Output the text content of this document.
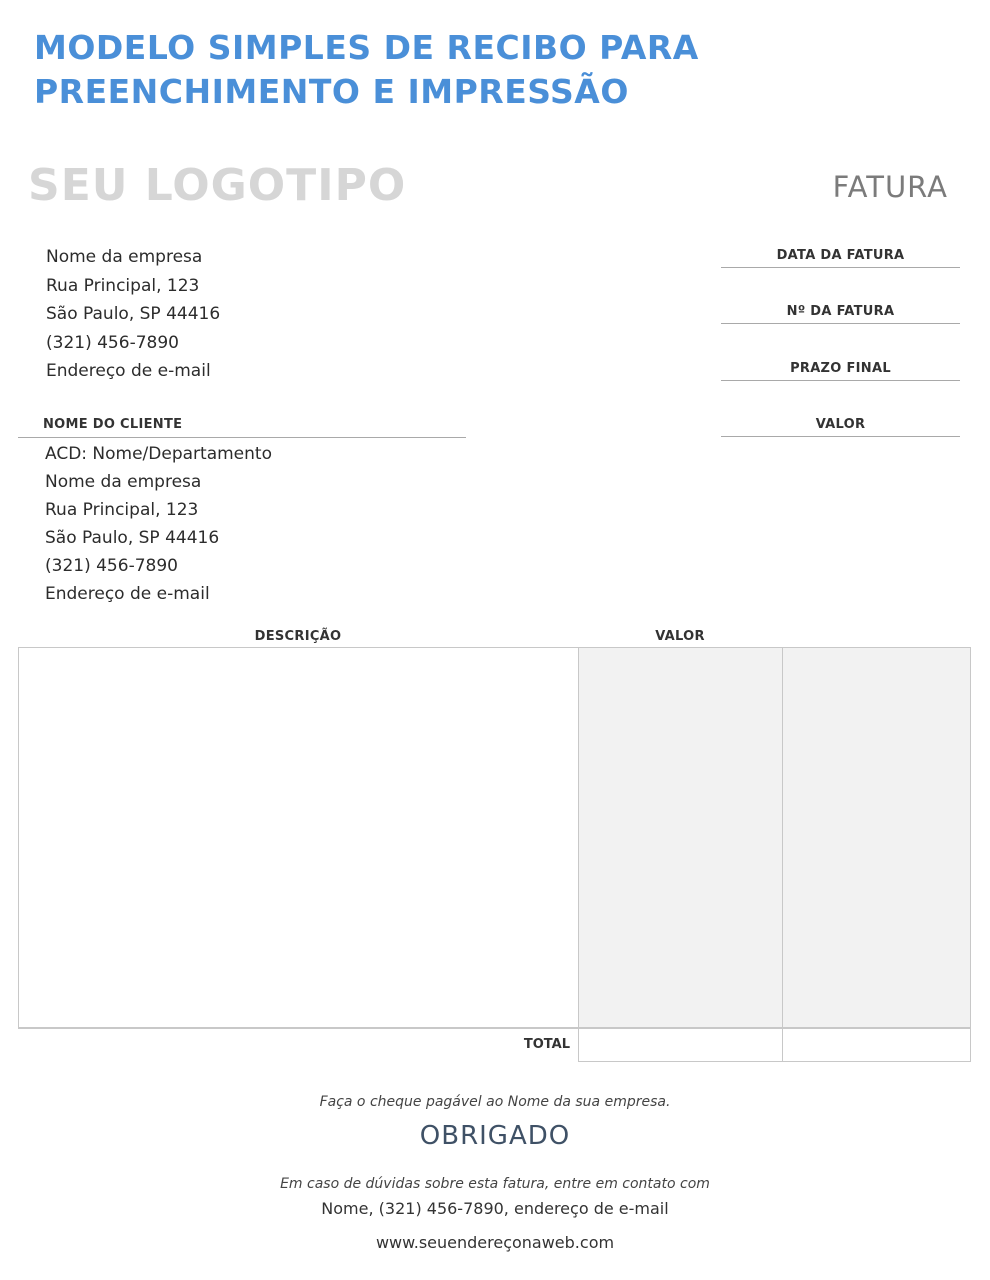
MODELO SIMPLES DE RECIBO PARA
PREENCHIMENTO E IMPRESSÃO
SEU LOGOTIPO	FATURA
Nome da empresa
Rua Principal, 123
São Paulo, SP 44416
(321) 456-7890
Endereço de e-mail
DATA DA FATURA
Nº DA FATURA
PRAZO FINAL
VALOR
NOME DO CLIENTE
ACD: Nome/Departamento
Nome da empresa
Rua Principal, 123
São Paulo, SP 44416
(321) 456-7890
Endereço de e-mail
DESCRIÇÃO	VALOR
TOTAL
Faça o cheque pagável ao Nome da sua empresa.
OBRIGADO
Em caso de dúvidas sobre esta fatura, entre em contato com
Nome, (321) 456-7890, endereço de e-mail
www.seuendereçonaweb.com
